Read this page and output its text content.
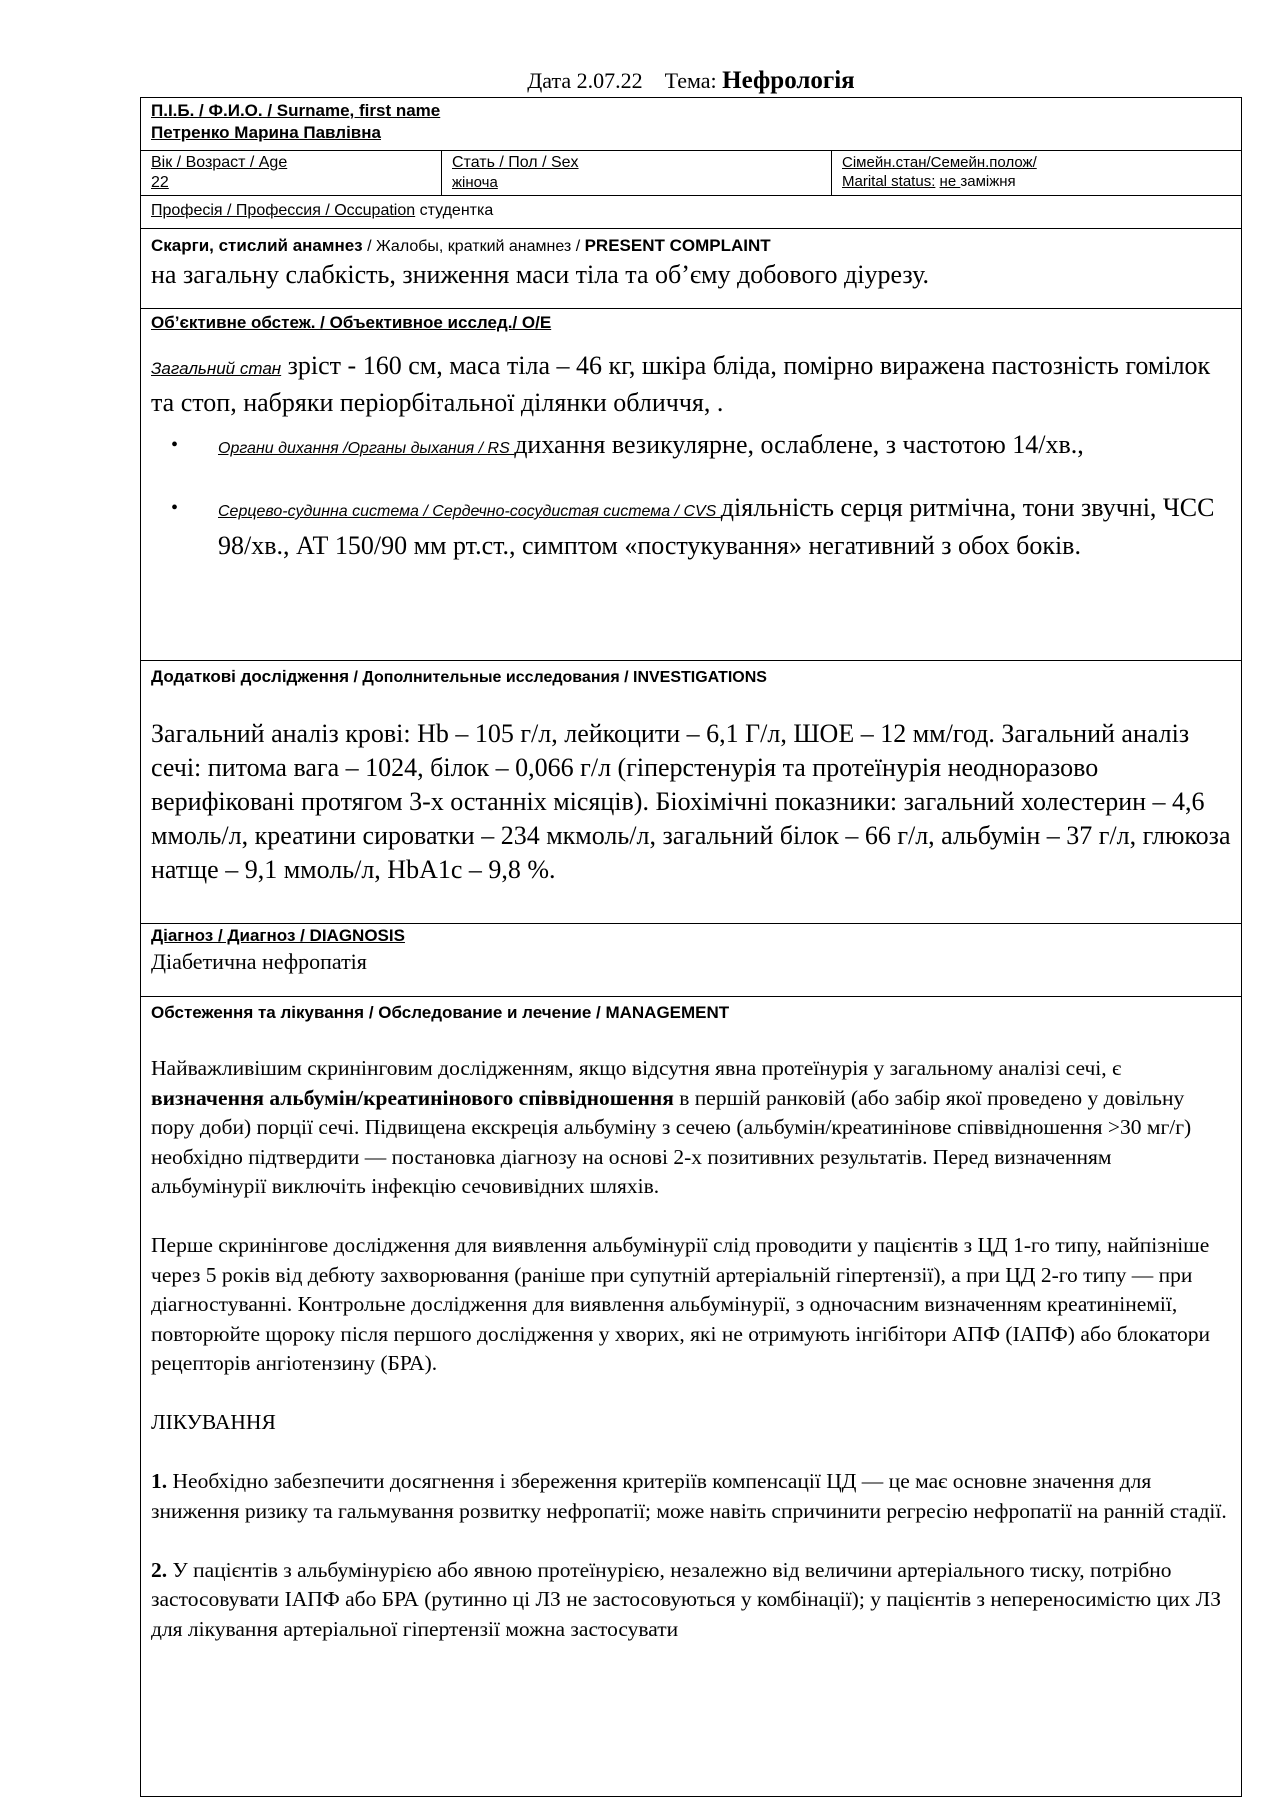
Дата 2.07.22 Тема: Нефрологія
П.І.Б. / Ф.И.О. / Surname, first name
Петренко Марина Павлівна
Вік / Возраст / Age
22
Стать / Пол / Sex
жіноча
Сімейн.стан/Семейн.полож/
Marital status: не заміжня
Професія / Профессия / Occupation студентка
Скарги, стислий анамнез / Жалобы, краткий анамнез / PRESENT COMPLAINT
на загальну слабкість, зниження маси тіла та об’єму добового діурезу.
Об’єктивне обстеж. / Объективное исслед./ O/E
Загальний стан зріст - 160 см, маса тіла – 46 кг, шкіра бліда, помірно виражена пастозність гомілок та стоп, набряки періорбітальної ділянки обличчя, .
• Органи дихання /Органы дыхания / RS дихання везикулярне, ослаблене, з частотою 14/хв.,
• Серцево-судинна система / Сердечно-сосудистая система / CVS діяльність серця ритмічна, тони звучні, ЧСС 98/хв., АТ 150/90 мм рт.ст., симптом «постукування» негативний з обох боків.
Додаткові дослідження / Дополнительные исследования / INVESTIGATIONS
Загальний аналіз крові: Hb – 105 г/л, лейкоцити – 6,1 Г/л, ШОЕ – 12 мм/год. Загальний аналіз сечі: питома вага – 1024, білок – 0,066 г/л (гіперстенурія та протеїнурія неодноразово верифіковані протягом 3-х останніх місяців). Біохімічні показники: загальний холестерин – 4,6 ммоль/л, креатини сироватки – 234 мкмоль/л, загальний білок – 66 г/л, альбумін – 37 г/л, глюкоза натще – 9,1 ммоль/л, HbA1c – 9,8 %.
Діагноз / Диагноз / DIAGNOSIS
Діабетична нефропатія
Обстеження та лікування / Обследование и лечение / MANAGEMENT

Найважливішим скринінговим дослідженням, якщо відсутня явна протеїнурія у загальному аналізі сечі, є визначення альбумін/креатинінового співвідношення в першій ранковій (або забір якої проведено у довільну пору доби) порції сечі. Підвищена екскреція альбуміну з сечею (альбумін/креатинінове співвідношення >30 мг/г) необхідно підтвердити — постановка діагнозу на основі 2-х позитивних результатів. Перед визначенням альбумінурії виключіть інфекцію сечовивідних шляхів.

Перше скринінгове дослідження для виявлення альбумінурії слід проводити у пацієнтів з ЦД 1-го типу, найпізніше через 5 років від дебюту захворювання (раніше при супутній артеріальній гіпертензії), а при ЦД 2-го типу — при діагностуванні. Контрольне дослідження для виявлення альбумінурії, з одночасним визначенням креатинінемії, повторюйте щороку після першого дослідження у хворих, які не отримують інгібітори АПФ (ІАПФ) або блокатори рецепторів ангіотензину (БРА).

ЛІКУВАННЯ

1. Необхідно забезпечити досягнення і збереження критеріїв компенсації ЦД — це має основне значення для зниження ризику та гальмування розвитку нефропатії; може навіть спричинити регресію нефропатії на ранній стадії.

2. У пацієнтів з альбумінурією або явною протеїнурією, незалежно від величини артеріального тиску, потрібно застосовувати ІАПФ або БРА (рутинно ці ЛЗ не застосовуються у комбінації); у пацієнтів з непереносимістю цих ЛЗ для лікування артеріальної гіпертензії можна застосувати
